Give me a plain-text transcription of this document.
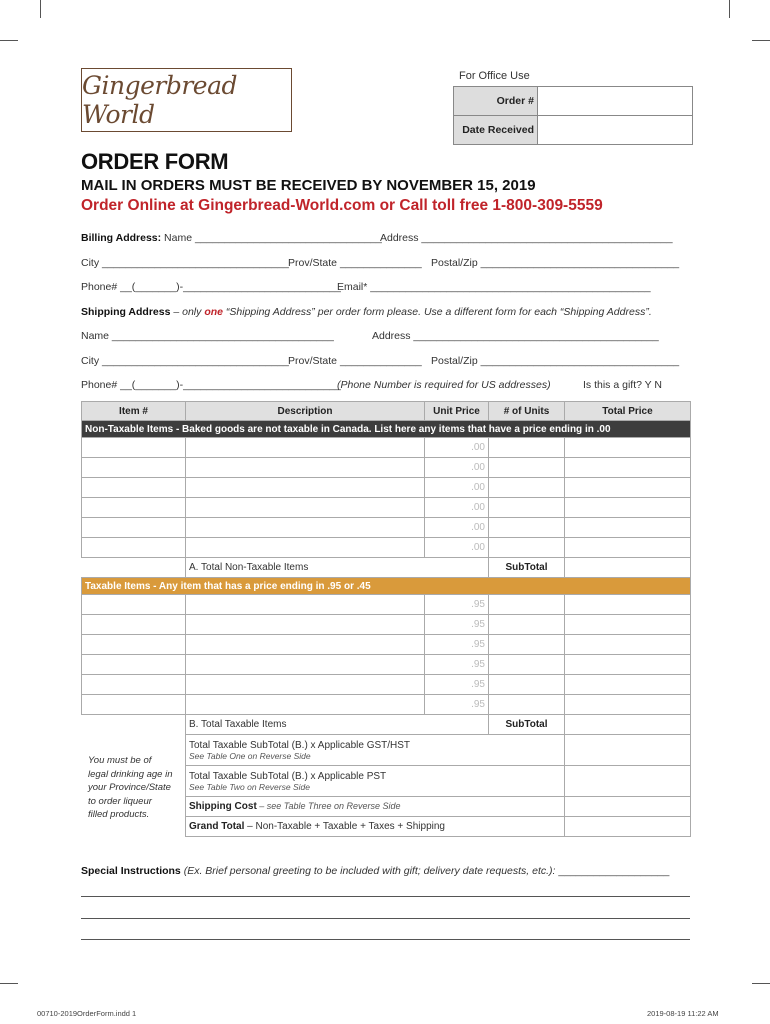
Gingerbread World
For Office Use
Order #	
Date Received	
ORDER FORM
MAIL IN ORDERS MUST BE RECEIVED BY NOVEMBER 15, 2019
Order Online at Gingerbread-World.com or Call toll free 1-800-309-5559
Billing Address: Name ________________________________
Address ___________________________________________
City ________________________________ Prov/State ______________ Postal/Zip __________________________________
Phone# __(_______)-___________________________
Email* ________________________________________________
Shipping Address – only one “Shipping Address” per order form please. Use a different form for each “Shipping Address”.
Name ______________________________________	Address __________________________________________
City ________________________________ Prov/State ______________ Postal/Zip __________________________________
Phone# __(_______)-___________________________
(Phone Number is required for US addresses)	Is this a gift? Y N
Item #	Description	Unit Price	# of Units	Total Price
Non-Taxable Items - Baked goods are not taxable in Canada. List here any items that have a price ending in .00				
		.00		
		.00		
		.00		
		.00		
		.00		
		.00		
	A. Total Non-Taxable Items		SubTotal	
Taxable Items - Any item that has a price ending in .95 or .45				
		.95		
		.95		
		.95		
		.95		
		.95		
		.95		
	B. Total Taxable Items		SubTotal	
	Total Taxable SubTotal (B.) x Applicable GST/HST
See Table One on Reverse Side			

	Total Taxable SubTotal (B.) x Applicable PST
See Table Two on Reverse Side			

	Shipping Cost – see Table Three on Reverse Side			
	Grand Total – Non-Taxable + Taxable + Taxes + Shipping			
You must be of legal drinking age in your Province/State to order liqueur filled products.
Special Instructions (Ex. Brief personal greeting to be included with gift; delivery date requests, etc.): ___________________
00710-2019OrderForm.indd 1	2019-08-19 11:22 AM
